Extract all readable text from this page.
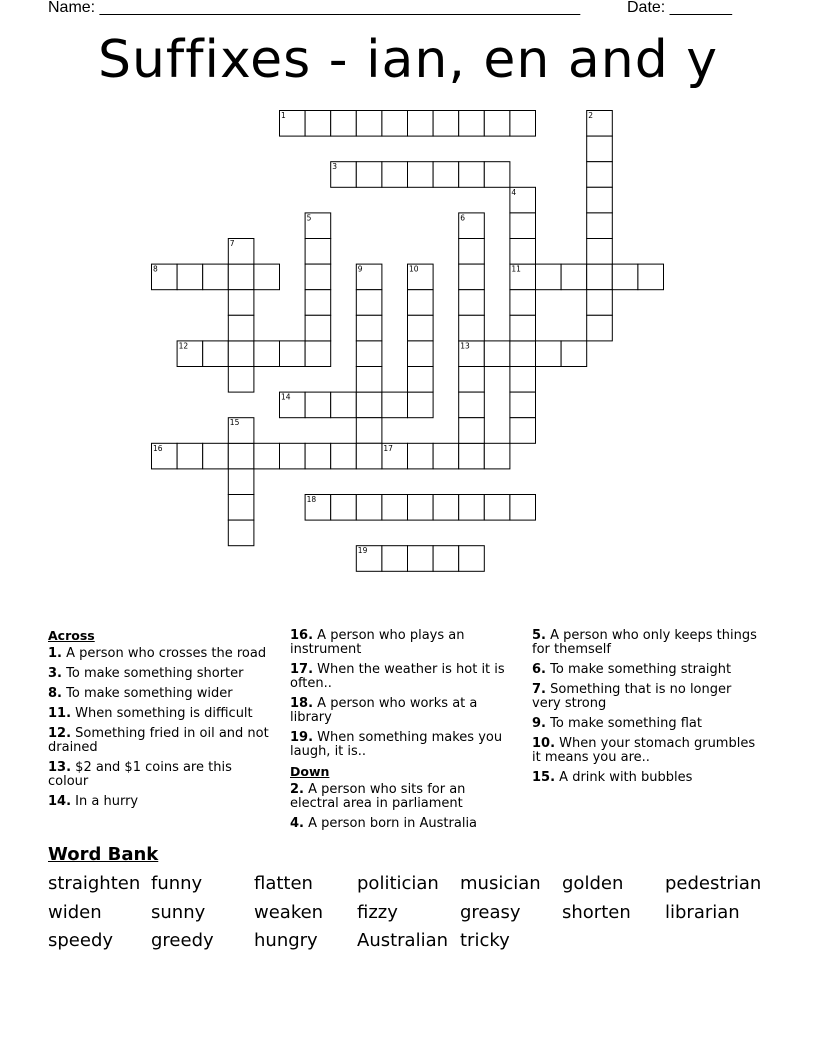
Name: ______________________________________________________	Date: _______
Suffixes - ian, en and y
1
3
8	11
12	13
14
16	17
18
19
2
4
5	6
7
9	10
15
Across
1. A person who crosses the road
3. To make something shorter
8. To make something wider
11. When something is difficult
12. Something fried in oil and not drained
13. $2 and $1 coins are this colour
14. In a hurry
16. A person who plays an instrument
17. When the weather is hot it is often..
18. A person who works at a library
19. When something makes you laugh, it is..
Down
2. A person who sits for an electral area in parliament
4. A person born in Australia
5. A person who only keeps things for themself
6. To make something straight
7. Something that is no longer very strong
9. To make something flat
10. When your stomach grumbles it means you are..
15. A drink with bubbles
Word Bank
straighten funny	flatten politician musician golden pedestrian
widen	sunny	weaken fizzy	greasy shorten librarian
speedy greedy hungry Australian tricky
